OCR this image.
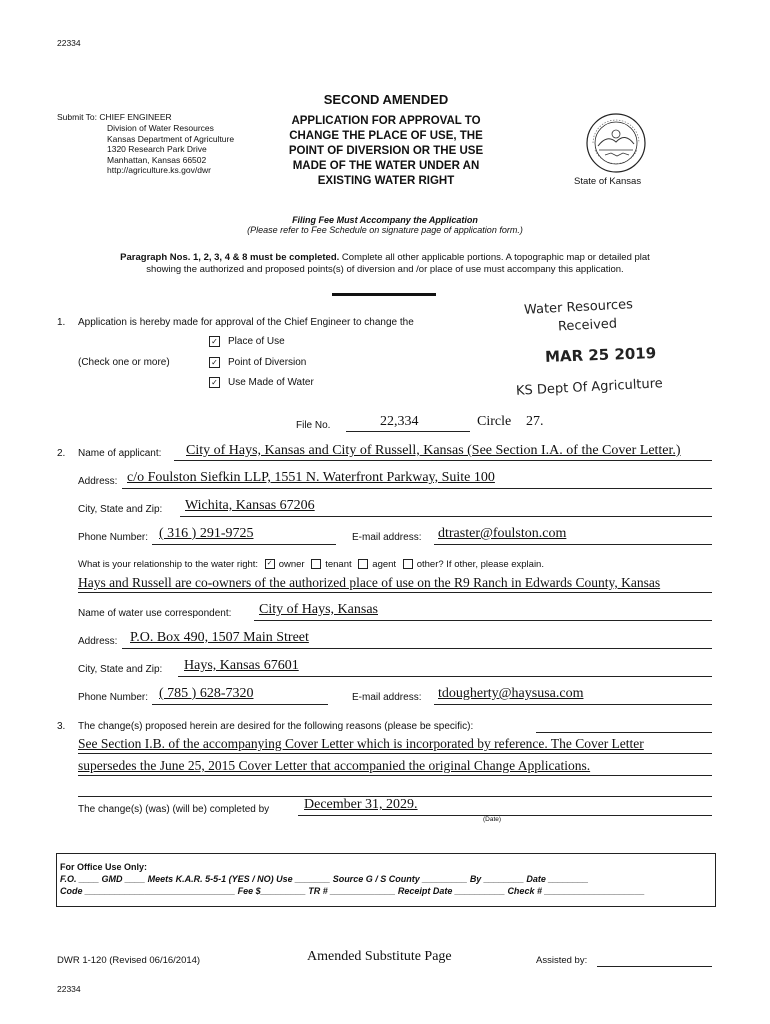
22334
Submit To: CHIEF ENGINEER
Division of Water Resources
Kansas Department of Agriculture
1320 Research Park Drive
Manhattan, Kansas 66502
http://agriculture.ks.gov/dwr
SECOND AMENDED
APPLICATION FOR APPROVAL TO
CHANGE THE PLACE OF USE, THE
POINT OF DIVERSION OR THE USE
MADE OF THE WATER UNDER AN
EXISTING WATER RIGHT	State of Kansas
Filing Fee Must Accompany the Application
(Please refer to Fee Schedule on signature page of application form.)
Paragraph Nos. 1, 2, 3, 4 & 8 must be completed. Complete all other applicable portions. A topographic map or detailed plat
showing the authorized and proposed points(s) of diversion and /or place of use must accompany this application.
Water Resources
Received
MAR 25 2019
KS Dept Of Agriculture
1. Application is hereby made for approval of the Chief Engineer to change the
✓ Place of Use
(Check one or more)	✓ Point of Diversion
✓ Use Made of Water
File No.	22,334	Circle 27.
2. Name of applicant: City of Hays, Kansas and City of Russell, Kansas (See Section I.A. of the Cover Letter.)
Address: c/o Foulston Siefkin LLP, 1551 N. Waterfront Parkway, Suite 100
City, State and Zip: Wichita, Kansas 67206
Phone Number: ( 316 ) 291-9725	E-mail address: dtraster@foulston.com
What is your relationship to the water right: ✓ owner tenant agent other? If other, please explain.
Hays and Russell are co-owners of the authorized place of use on the R9 Ranch in Edwards County, Kansas
Name of water use correspondent: City of Hays, Kansas
Address: P.O. Box 490, 1507 Main Street
City, State and Zip: Hays, Kansas 67601
Phone Number: ( 785 ) 628-7320	E-mail address: tdougherty@haysusa.com
3. The change(s) proposed herein are desired for the following reasons (please be specific):
See Section I.B. of the accompanying Cover Letter which is incorporated by reference. The Cover Letter
supersedes the June 25, 2015 Cover Letter that accompanied the original Change Applications.
The change(s) (was) (will be) completed by December 31, 2029.
(Date)
For Office Use Only:
F.O. ____ GMD ____ Meets K.A.R. 5-5-1 (YES / NO) Use _______ Source G / S County _________ By ________ Date ________
Code ______________________________ Fee $_________ TR # _____________ Receipt Date __________ Check # ____________________
DWR 1-120 (Revised 06/16/2014)	Amended Substitute Page	Assisted by:
22334
